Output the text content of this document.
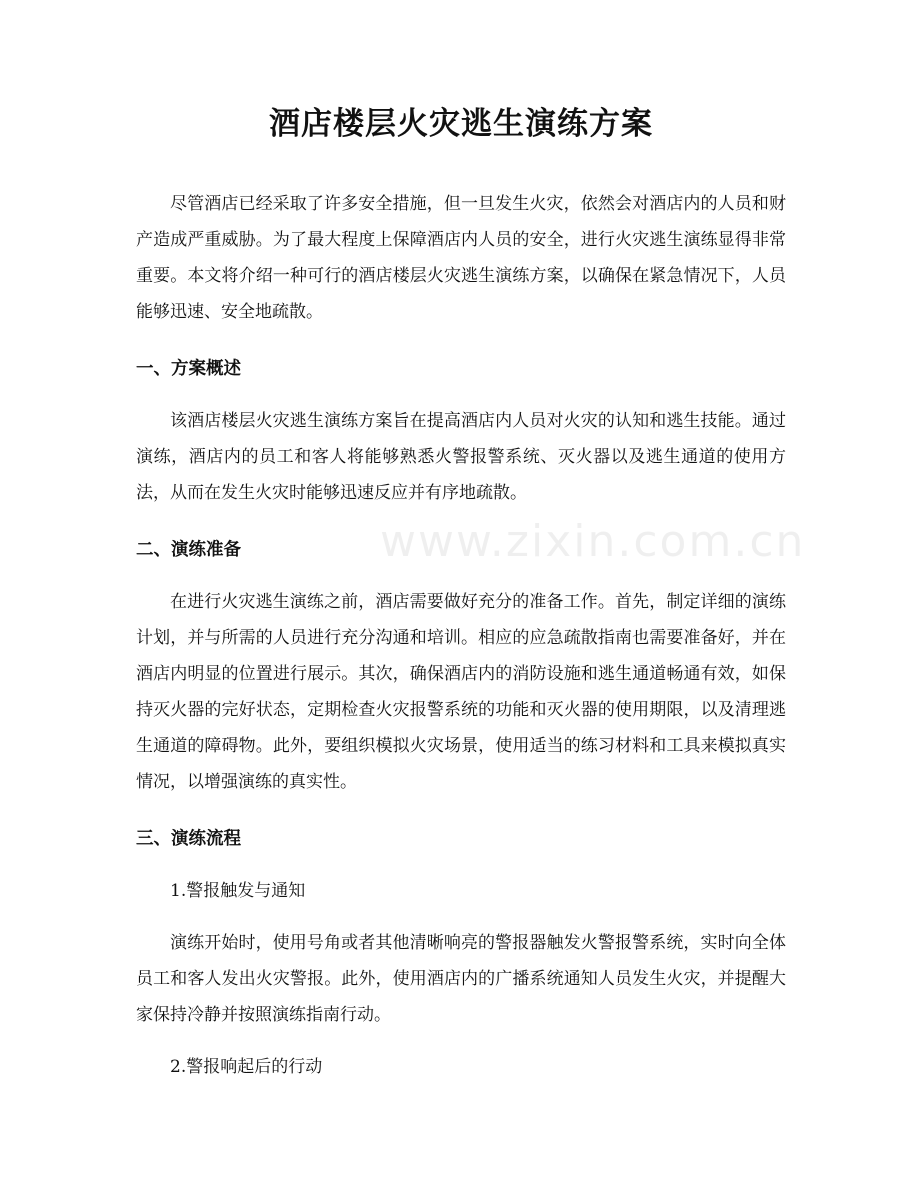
酒店楼层火灾逃生演练方案

尽管酒店已经采取了许多安全措施，但一旦发生火灾，依然会对酒店内的人员和财产造成严重威胁。为了最大程度上保障酒店内人员的安全，进行火灾逃生演练显得非常重要。本文将介绍一种可行的酒店楼层火灾逃生演练方案，以确保在紧急情况下，人员能够迅速、安全地疏散。

一、方案概述

该酒店楼层火灾逃生演练方案旨在提高酒店内人员对火灾的认知和逃生技能。通过演练，酒店内的员工和客人将能够熟悉火警报警系统、灭火器以及逃生通道的使用方法，从而在发生火灾时能够迅速反应并有序地疏散。

二、演练准备

在进行火灾逃生演练之前，酒店需要做好充分的准备工作。首先，制定详细的演练计划，并与所需的人员进行充分沟通和培训。相应的应急疏散指南也需要准备好，并在酒店内明显的位置进行展示。其次，确保酒店内的消防设施和逃生通道畅通有效，如保持灭火器的完好状态，定期检查火灾报警系统的功能和灭火器的使用期限，以及清理逃生通道的障碍物。此外，要组织模拟火灾场景，使用适当的练习材料和工具来模拟真实情况，以增强演练的真实性。

三、演练流程

1.警报触发与通知

演练开始时，使用号角或者其他清晰响亮的警报器触发火警报警系统，实时向全体员工和客人发出火灾警报。此外，使用酒店内的广播系统通知人员发生火灾，并提醒大家保持冷静并按照演练指南行动。

2.警报响起后的行动

www.zixin.com.cn
